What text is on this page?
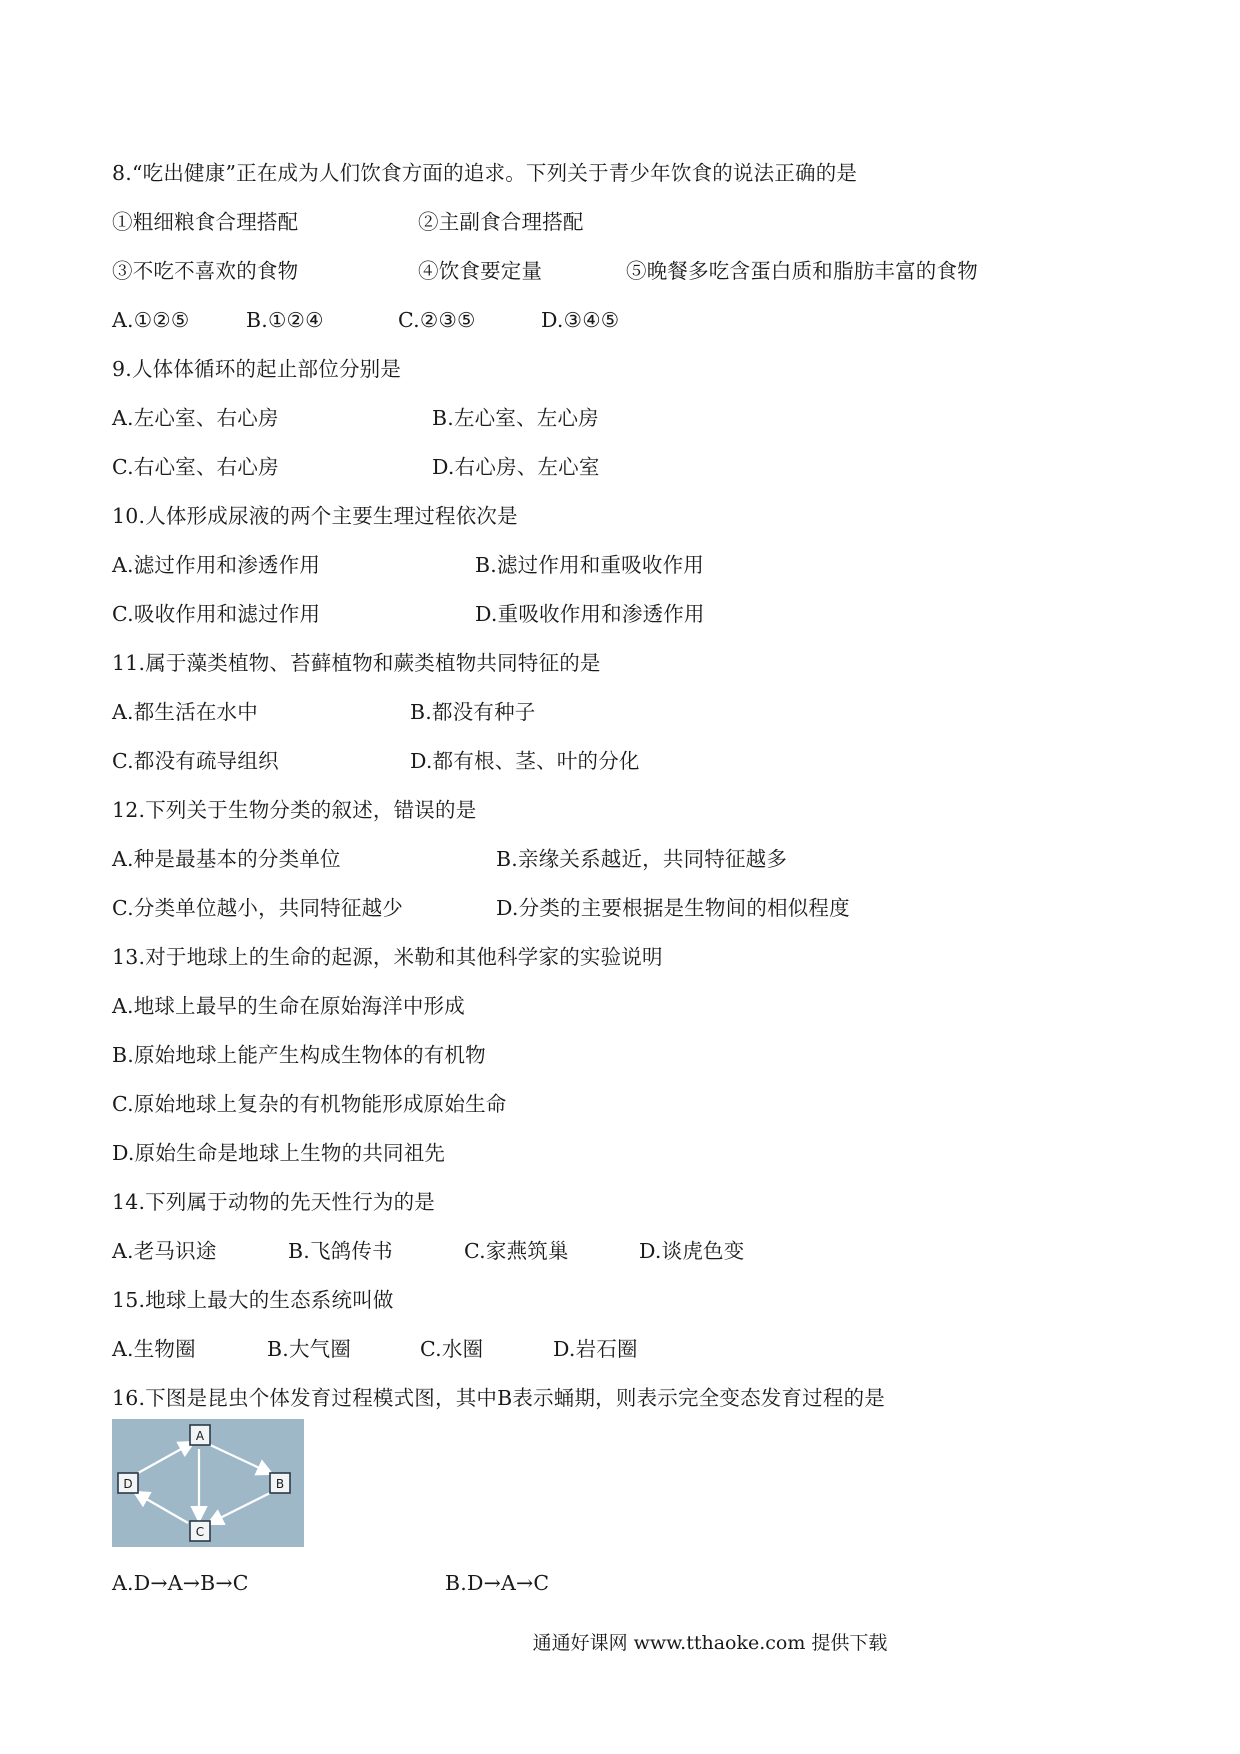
8.“吃出健康”正在成为人们饮食方面的追求。下列关于青少年饮食的说法正确的是
①粗细粮食合理搭配	②主副食合理搭配
③不吃不喜欢的食物	④饮食要定量	⑤晚餐多吃含蛋白质和脂肪丰富的食物
A.①②⑤	B.①②④	C.②③⑤	D.③④⑤
9.人体体循环的起止部位分别是
A.左心室、右心房	B.左心室、左心房
C.右心室、右心房	D.右心房、左心室
10.人体形成尿液的两个主要生理过程依次是
A.滤过作用和渗透作用	B.滤过作用和重吸收作用
C.吸收作用和滤过作用	D.重吸收作用和渗透作用
11.属于藻类植物、苔藓植物和蕨类植物共同特征的是
A.都生活在水中	B.都没有种子
C.都没有疏导组织	D.都有根、茎、叶的分化
12.下列关于生物分类的叙述，错误的是
A.种是最基本的分类单位	B.亲缘关系越近，共同特征越多
C.分类单位越小，共同特征越少	D.分类的主要根据是生物间的相似程度
13.对于地球上的生命的起源，米勒和其他科学家的实验说明
A.地球上最早的生命在原始海洋中形成
B.原始地球上能产生构成生物体的有机物
C.原始地球上复杂的有机物能形成原始生命
D.原始生命是地球上生物的共同祖先
14.下列属于动物的先天性行为的是
A.老马识途	B.飞鸽传书	C.家燕筑巢	D.谈虎色变
15.地球上最大的生态系统叫做
A.生物圈	B.大气圈	C.水圈	D.岩石圈
16.下图是昆虫个体发育过程模式图，其中B表示蛹期，则表示完全变态发育过程的是
A
B
C
D
A.D→A→B→C	B.D→A→C
通通好课网 www.tthaoke.com 提供下载
